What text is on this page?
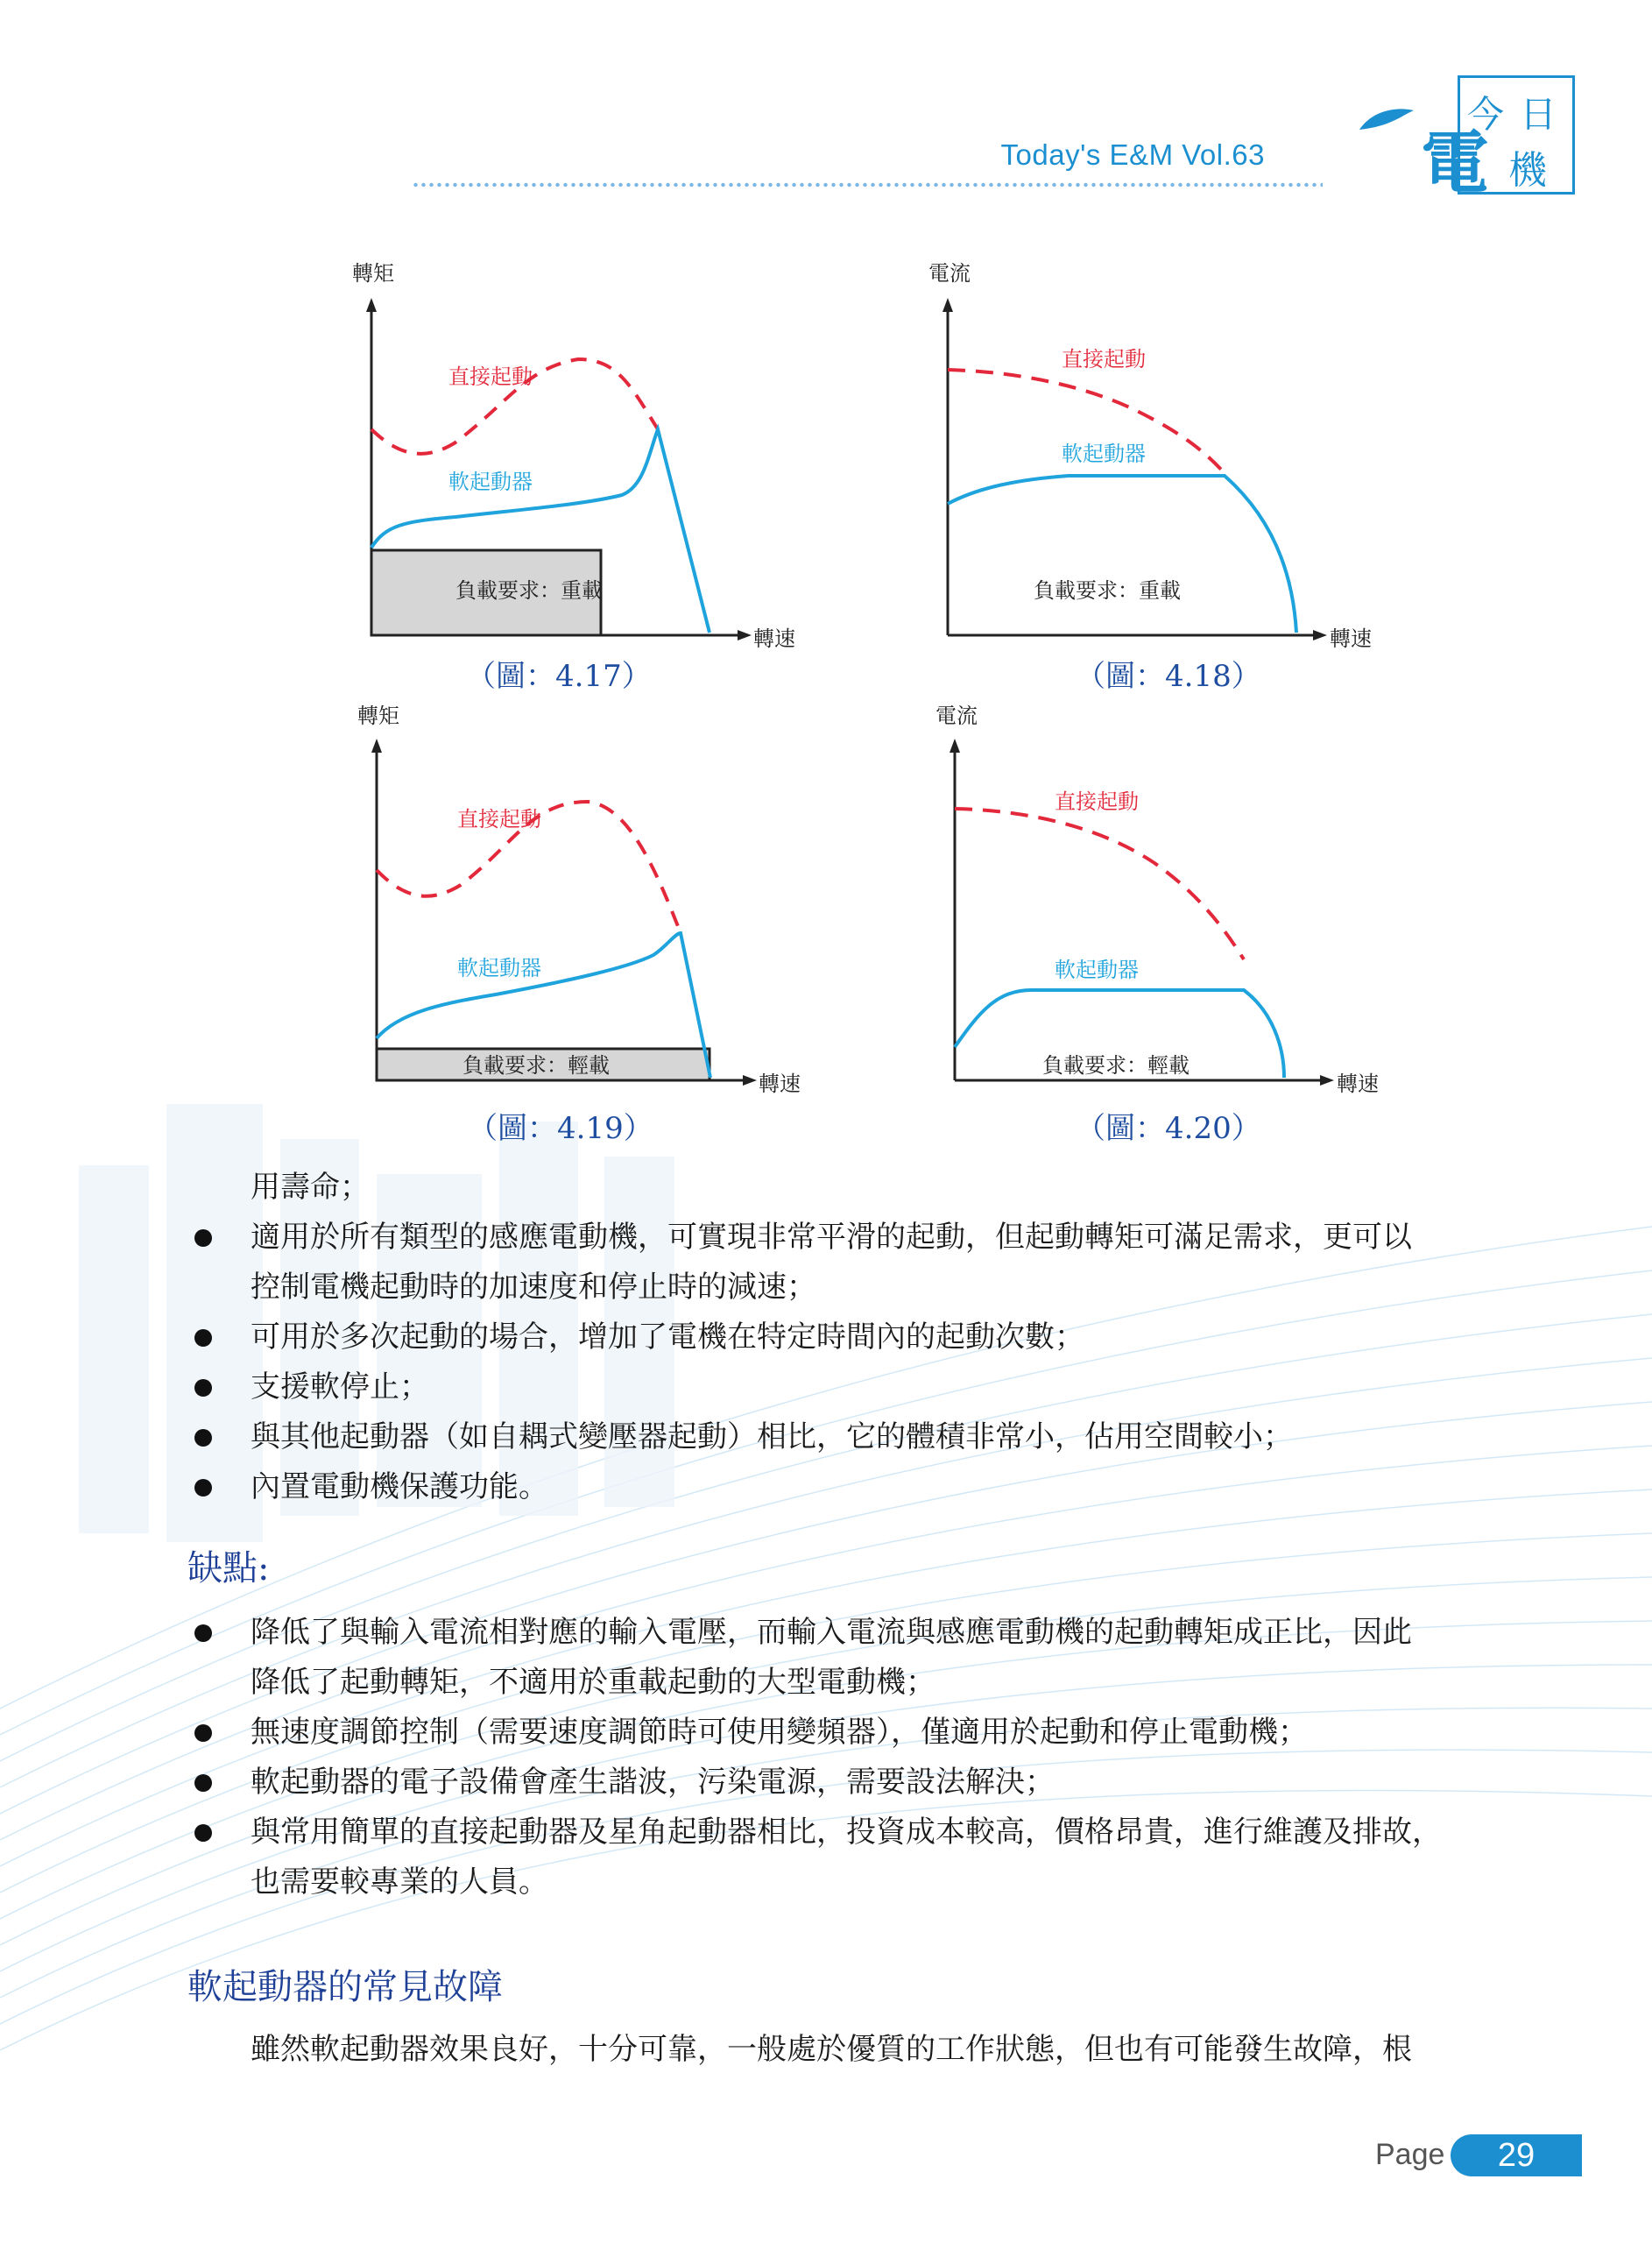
Today's E&M Vol.63
今日
電 機
轉矩
負載要求：重載
轉速
直接起動
軟起動器
（圖：4.17）
電流
轉速
直接起動
軟起動器
負載要求：重載
（圖：4.18）
轉矩
負載要求：輕載
轉速
直接起動
軟起動器
（圖：4.19）
電流
轉速
直接起動
軟起動器
負載要求：輕載
（圖：4.20）
用壽命；
適用於所有類型的感應電動機，可實現非常平滑的起動，但起動轉矩可滿足需求，更可以
控制電機起動時的加速度和停止時的減速；
可用於多次起動的場合，增加了電機在特定時間內的起動次數；
支援軟停止；
與其他起動器（如自耦式變壓器起動）相比，它的體積非常小，佔用空間較小；
內置電動機保護功能。
缺點:
降低了與輸入電流相對應的輸入電壓，而輸入電流與感應電動機的起動轉矩成正比，因此
降低了起動轉矩，不適用於重載起動的大型電動機；
無速度調節控制（需要速度調節時可使用變頻器），僅適用於起動和停止電動機；
軟起動器的電子設備會產生諧波，污染電源，需要設法解決；
與常用簡單的直接起動器及星角起動器相比，投資成本較高，價格昂貴，進行維護及排故，
也需要較專業的人員。
軟起動器的常見故障
雖然軟起動器效果良好，十分可靠，一般處於優質的工作狀態，但也有可能發生故障，根
Page	29
